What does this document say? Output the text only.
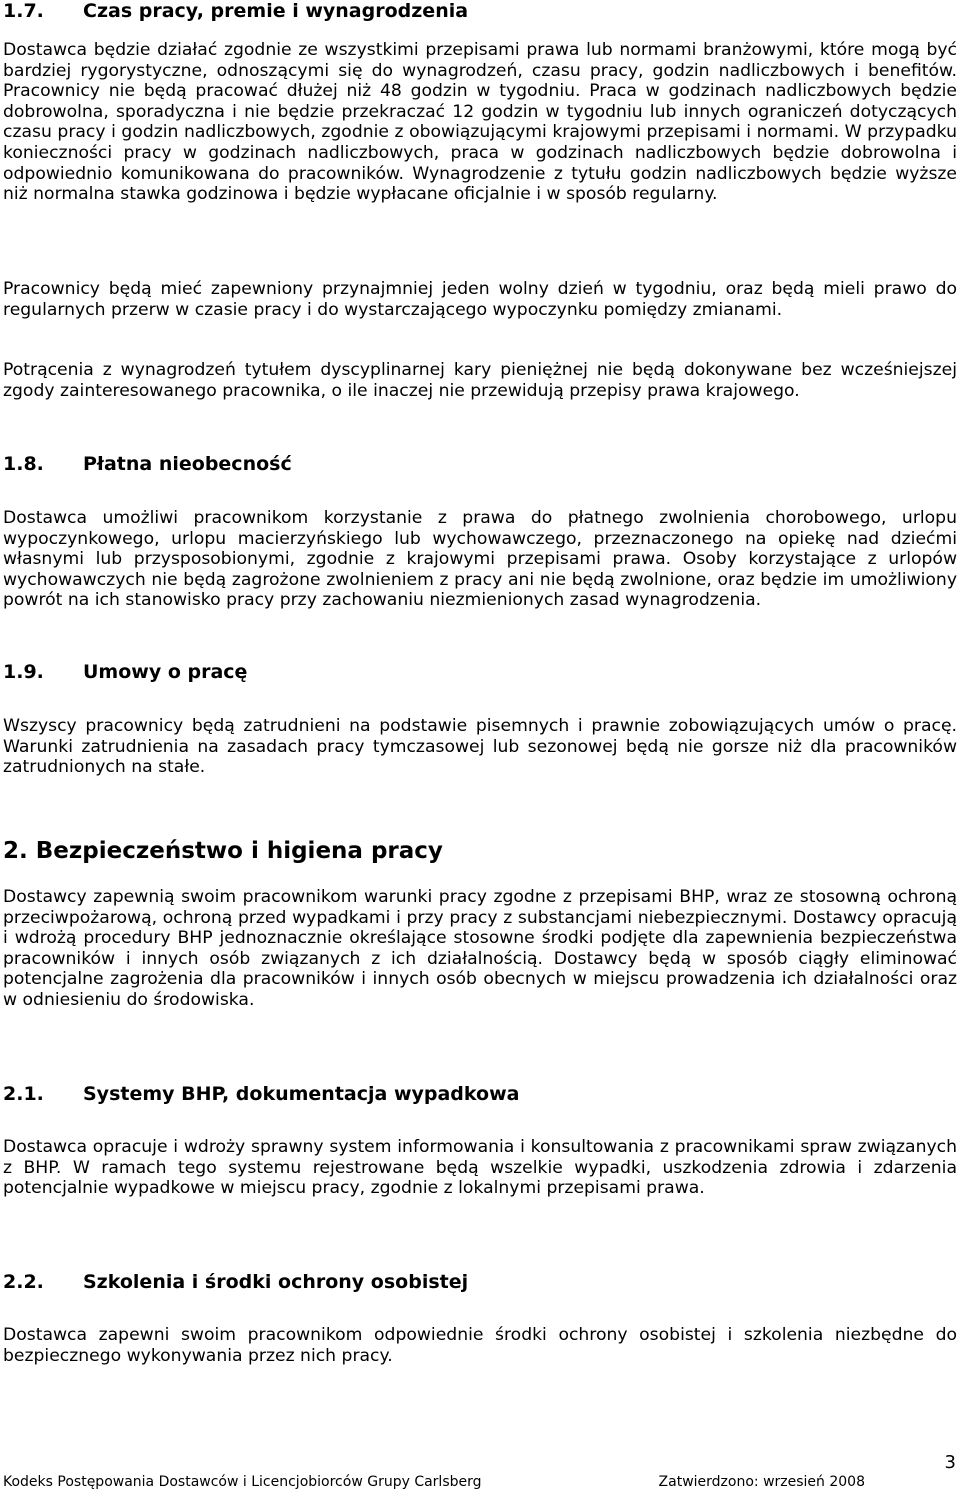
1.7.	Czas pracy, premie i wynagrodzenia

Dostawca będzie działać zgodnie ze wszystkimi przepisami prawa lub normami branżowymi, które mogą być bardziej rygorystyczne, odnoszącymi się do wynagrodzeń, czasu pracy, godzin nadliczbowych i benefitów. Pracownicy nie będą pracować dłużej niż 48 godzin w tygodniu. Praca w godzinach nadliczbowych będzie dobrowolna, sporadyczna i nie będzie przekraczać 12 godzin w tygodniu lub innych ograniczeń dotyczących czasu pracy i godzin nadliczbowych, zgodnie z obowiązującymi krajowymi przepisami i normami. W przypadku konieczności pracy w godzinach nadliczbowych, praca w godzinach nadliczbowych będzie dobrowolna i odpowiednio komunikowana do pracowników. Wynagrodzenie z tytułu godzin nadliczbowych będzie wyższe niż normalna stawka godzinowa i będzie wypłacane oficjalnie i w sposób regularny.

Pracownicy będą mieć zapewniony przynajmniej jeden wolny dzień w tygodniu, oraz będą mieli prawo do regularnych przerw w czasie pracy i do wystarczającego wypoczynku pomiędzy zmianami.

Potrącenia z wynagrodzeń tytułem dyscyplinarnej kary pieniężnej nie będą dokonywane bez wcześniejszej zgody zainteresowanego pracownika, o ile inaczej nie przewidują przepisy prawa krajowego.

1.8.	Płatna nieobecność

Dostawca umożliwi pracownikom korzystanie z prawa do płatnego zwolnienia chorobowego, urlopu wypoczynkowego, urlopu macierzyńskiego lub wychowawczego, przeznaczonego na opiekę nad dziećmi własnymi lub przysposobionymi, zgodnie z krajowymi przepisami prawa. Osoby korzystające z urlopów wychowawczych nie będą zagrożone zwolnieniem z pracy ani nie będą zwolnione, oraz będzie im umożliwiony powrót na ich stanowisko pracy przy zachowaniu niezmienionych zasad wynagrodzenia.

1.9.	Umowy o pracę

Wszyscy pracownicy będą zatrudnieni na podstawie pisemnych i prawnie zobowiązujących umów o pracę. Warunki zatrudnienia na zasadach pracy tymczasowej lub sezonowej będą nie gorsze niż dla pracowników zatrudnionych na stałe.

2. Bezpieczeństwo i higiena pracy

Dostawcy zapewnią swoim pracownikom warunki pracy zgodne z przepisami BHP, wraz ze stosowną ochroną przeciwpożarową, ochroną przed wypadkami i przy pracy z substancjami niebezpiecznymi. Dostawcy opracują i wdrożą procedury BHP jednoznacznie określające stosowne środki podjęte dla zapewnienia bezpieczeństwa pracowników i innych osób związanych z ich działalnością. Dostawcy będą w sposób ciągły eliminować potencjalne zagrożenia dla pracowników i innych osób obecnych w miejscu prowadzenia ich działalności oraz w odniesieniu do środowiska.

2.1.	Systemy BHP, dokumentacja wypadkowa

Dostawca opracuje i wdroży sprawny system informowania i konsultowania z pracownikami spraw związanych z BHP. W ramach tego systemu rejestrowane będą wszelkie wypadki, uszkodzenia zdrowia i zdarzenia potencjalnie wypadkowe w miejscu pracy, zgodnie z lokalnymi przepisami prawa.

2.2.	Szkolenia i środki ochrony osobistej

Dostawca zapewni swoim pracownikom odpowiednie środki ochrony osobistej i szkolenia niezbędne do bezpiecznego wykonywania przez nich pracy.

3
Kodeks Postępowania Dostawców i Licencjobiorców Grupy Carlsberg	Zatwierdzono: wrzesień 2008
